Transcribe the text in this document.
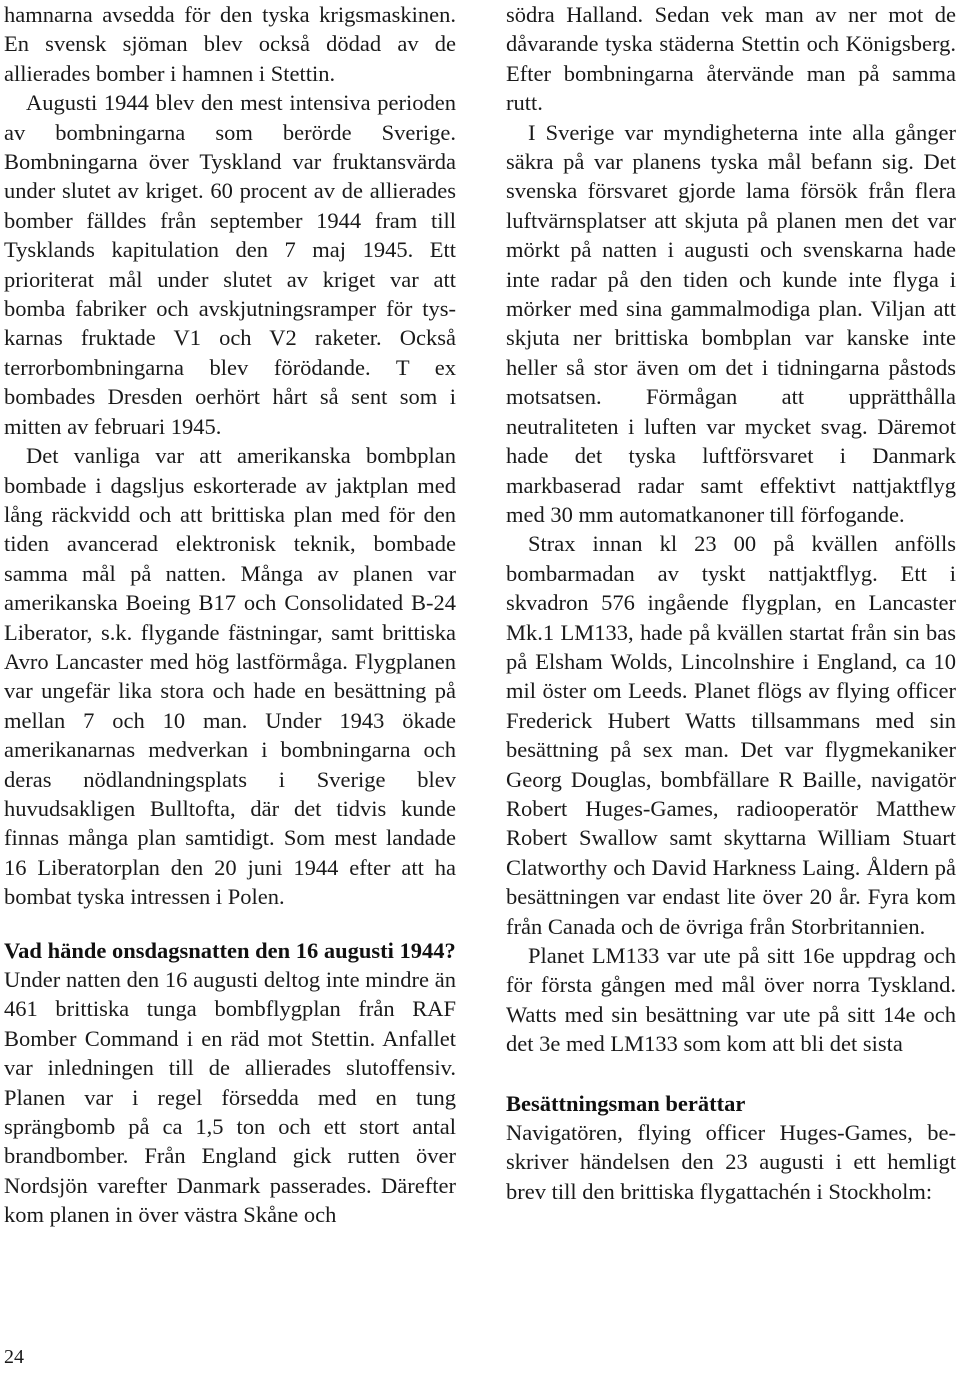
hamnarna avsedda för den tyska krigsmaskinen. En svensk sjöman blev också dödad av de allierades bomber i hamnen i Stettin.

Augusti 1944 blev den mest intensiva perioden av bombningarna som berörde Sverige. Bombningarna över Tyskland var fruktansvärda under slutet av kriget. 60 procent av de allierades bomber fälldes från september 1944 fram till Tysklands kapitulation den 7 maj 1945. Ett prioriterat mål under slutet av kriget var att bomba fabriker och avskjutningsramper för tyskarnas fruktade V1 och V2 raketer. Också terrorbombningarna blev förödande. T ex bombades Dresden oerhört hårt så sent som i mitten av februari 1945.

Det vanliga var att amerikanska bombplan bombade i dagsljus eskorterade av jaktplan med lång räckvidd och att brittiska plan med för den tiden avancerad elektronisk teknik, bombade samma mål på natten. Många av planen var amerikanska Boeing B17 och Consolidated B-24 Liberator, s.k. flygande fästningar, samt brittiska Avro Lancaster med hög lastförmåga. Flygplanen var ungefär lika stora och hade en besättning på mellan 7 och 10 man. Under 1943 ökade amerikanarnas medverkan i bombningarna och deras nödlandningsplats i Sverige blev huvudsakligen Bulltofta, där det tidvis kunde finnas många plan samtidigt. Som mest landade 16 Liberatorplan den 20 juni 1944 efter att ha bombat tyska intressen i Polen.

Vad hände onsdagsnatten den 16 augusti 1944?

Under natten den 16 augusti deltog inte mindre än 461 brittiska tunga bombflygplan från RAF Bomber Command i en räd mot Stettin. Anfallet var inledningen till de allierades slutoffensiv. Planen var i regel försedda med en tung sprängbomb på ca 1,5 ton och ett stort antal brandbomber. Från England gick rutten över Nordsjön varefter Danmark passerades. Därefter kom planen in över västra Skåne och

södra Halland. Sedan vek man av ner mot de dåvarande tyska städerna Stettin och Königsberg. Efter bombningarna återvände man på samma rutt.

I Sverige var myndigheterna inte alla gånger säkra på var planens tyska mål befann sig. Det svenska försvaret gjorde lama försök från flera luftvärnsplatser att skjuta på planen men det var mörkt på natten i augusti och svenskarna hade inte radar på den tiden och kunde inte flyga i mörker med sina gammalmodiga plan. Viljan att skjuta ner brittiska bombplan var kanske inte heller så stor även om det i tidningarna påstods motsatsen. Förmågan att upprätthålla neutraliteten i luften var mycket svag. Däremot hade det tyska luftförsvaret i Danmark markbaserad radar samt effektivt nattjaktflyg med 30 mm automatkanoner till förfogande.

Strax innan kl 23 00 på kvällen anfölls bombarmadan av tyskt nattjaktflyg. Ett i skvadron 576 ingående flygplan, en Lancaster Mk.1 LM133, hade på kvällen startat från sin bas på Elsham Wolds, Lincolnshire i England, ca 10 mil öster om Leeds. Planet flögs av flying officer Frederick Hubert Watts tillsammans med sin besättning på sex man. Det var flygmekaniker Georg Douglas, bombfällare R Baille, navigatör Robert Huges-Games, radiooperatör Matthew Robert Swallow samt skyttarna William Stuart Clatworthy och David Harkness Laing. Åldern på besättningen var endast lite över 20 år. Fyra kom från Canada och de övriga från Storbritannien.

Planet LM133 var ute på sitt 16e uppdrag och för första gången med mål över norra Tyskland. Watts med sin besättning var ute på sitt 14e och det 3e med LM133 som kom att bli det sista

Besättningsman berättar

Navigatören, flying officer Huges-Games, beskriver händelsen den 23 augusti i ett hemligt brev till den brittiska flygattachén i Stockholm:

24
